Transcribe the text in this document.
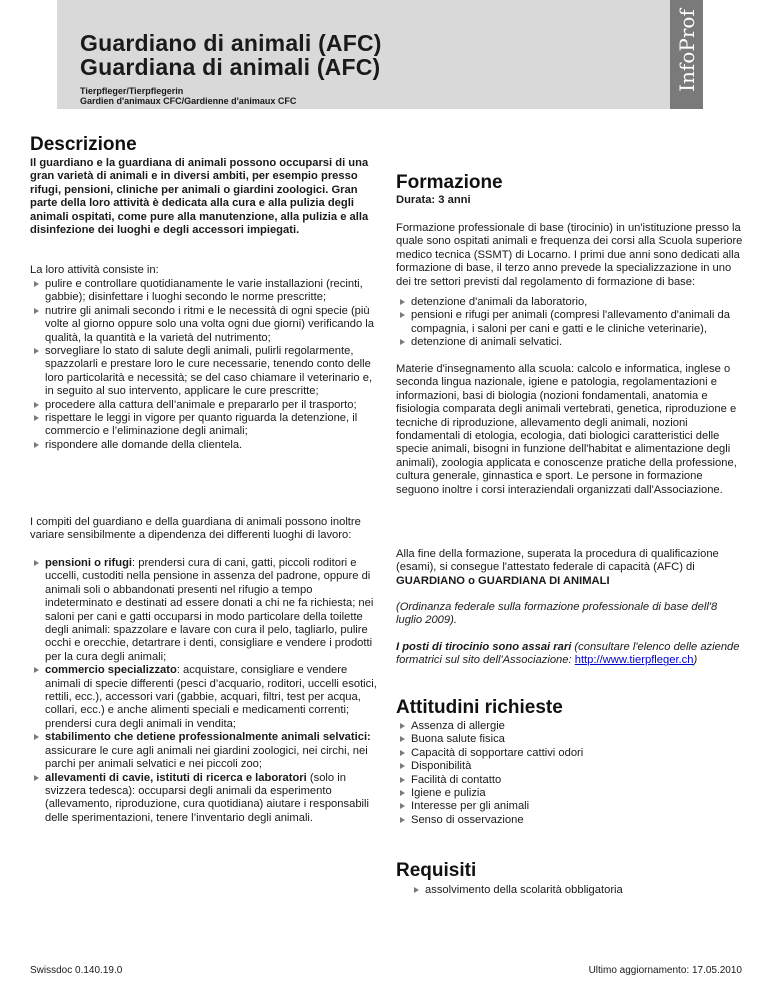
Guardiano di animali (AFC)
Guardiana di animali (AFC)
Tierpfleger/Tierpflegerin
Gardien d'animaux CFC/Gardienne d'animaux CFC
InfoProf
Descrizione

Il guardiano e la guardiana di animali possono occuparsi di una gran varietà di animali e in diversi ambiti, per esempio presso rifugi, pensioni, cliniche per animali o giardini zoologici. Gran parte della loro attività è dedicata alla cura e alla pulizia degli animali ospitati, come pure alla manutenzione, alla pulizia e alla disinfezione dei luoghi e degli accessori impiegati.

La loro attività consiste in:

pulire e controllare quotidianamente le varie installazioni (recinti, gabbie); disinfettare i luoghi secondo le norme prescritte;
nutrire gli animali secondo i ritmi e le necessità di ogni specie (più volte al giorno oppure solo una volta ogni due giorni) verificando la qualità, la quantità e la varietà del nutrimento;
sorvegliare lo stato di salute degli animali, pulirli regolarmente, spazzolarli e prestare loro le cure necessarie, tenendo conto delle loro particolarità e necessità; se del caso chiamare il veterinario e, in seguito al suo intervento, applicare le cure prescritte;
procedere alla cattura dell’animale e prepararlo per il trasporto;
rispettare le leggi in vigore per quanto riguarda la detenzione, il commercio e l’eliminazione degli animali;
rispondere alle domande della clientela.

I compiti del guardiano e della guardiana di animali possono inoltre variare sensibilmente a dipendenza dei differenti luoghi di lavoro:

pensioni o rifugi: prendersi cura di cani, gatti, piccoli roditori e uccelli, custoditi nella pensione in assenza del padrone, oppure di animali soli o abbandonati presenti nel rifugio a tempo indeterminato e destinati ad essere donati a chi ne fa richiesta; nei saloni per cani e gatti occuparsi in modo particolare della toilette degli animali: spazzolare e lavare con cura il pelo, tagliarlo, pulire occhi e orecchie, detartrare i denti, consigliare e vendere i prodotti per la cura degli animali;
commercio specializzato: acquistare, consigliare e vendere animali di specie differenti (pesci d’acquario, roditori, uccelli esotici, rettili, ecc.), accessori vari (gabbie, acquari, filtri, test per acqua, collari, ecc.) e anche alimenti speciali e medicamenti correnti; prendersi cura degli animali in vendita;
stabilimento che detiene professionalmente animali selvatici: assicurare le cure agli animali nei giardini zoologici, nei circhi, nei parchi per animali selvatici e nei piccoli zoo;
allevamenti di cavie, istituti di ricerca e laboratori (solo in svizzera tedesca): occuparsi degli animali da esperimento (allevamento, riproduzione, cura quotidiana) aiutare i responsabili delle sperimentazioni, tenere l’inventario degli animali.
Formazione

Durata: 3 anni

Formazione professionale di base (tirocinio) in un'istituzione presso la quale sono ospitati animali e frequenza dei corsi alla Scuola superiore medico tecnica (SSMT) di Locarno. I primi due anni sono dedicati alla formazione di base, il terzo anno prevede la specializzazione in uno dei tre settori previsti dal regolamento di formazione di base:

detenzione d'animali da laboratorio,
pensioni e rifugi per animali (compresi l'allevamento d'animali da compagnia, i saloni per cani e gatti e le cliniche veterinarie),
detenzione di animali selvatici.

Materie d'insegnamento alla scuola: calcolo e informatica, inglese o seconda lingua nazionale, igiene e patologia, regolamentazioni e informazioni, basi di biologia (nozioni fondamentali, anatomia e fisiologia comparata degli animali vertebrati, genetica, riproduzione e tecniche di riproduzione, allevamento degli animali, nozioni fondamentali di etologia, ecologia, dati biologici caratteristici delle specie animali, bisogni in funzione dell'habitat e alimentazione degli animali), zoologia applicata e conoscenze pratiche della professione, cultura generale, ginnastica e sport. Le persone in formazione seguono inoltre i corsi interaziendali organizzati dall'Associazione.

Alla fine della formazione, superata la procedura di qualificazione (esami), si consegue l'attestato federale di capacità (AFC) di
GUARDIANO o GUARDIANA DI ANIMALI

(Ordinanza federale sulla formazione professionale di base dell'8 luglio 2009).

I posti di tirocinio sono assai rari (consultare l'elenco delle aziende formatrici sul sito dell'Associazione: http://www.tierpfleger.ch)

Attitudini richieste
Assenza di allergie
Buona salute fisica
Capacità di sopportare cattivi odori
Disponibilità
Facilità di contatto
Igiene e pulizia
Interesse per gli animali
Senso di osservazione
Requisiti
assolvimento della scolarità obbligatoria
Swissdoc 0.140.19.0	Ultimo aggiornamento: 17.05.2010
